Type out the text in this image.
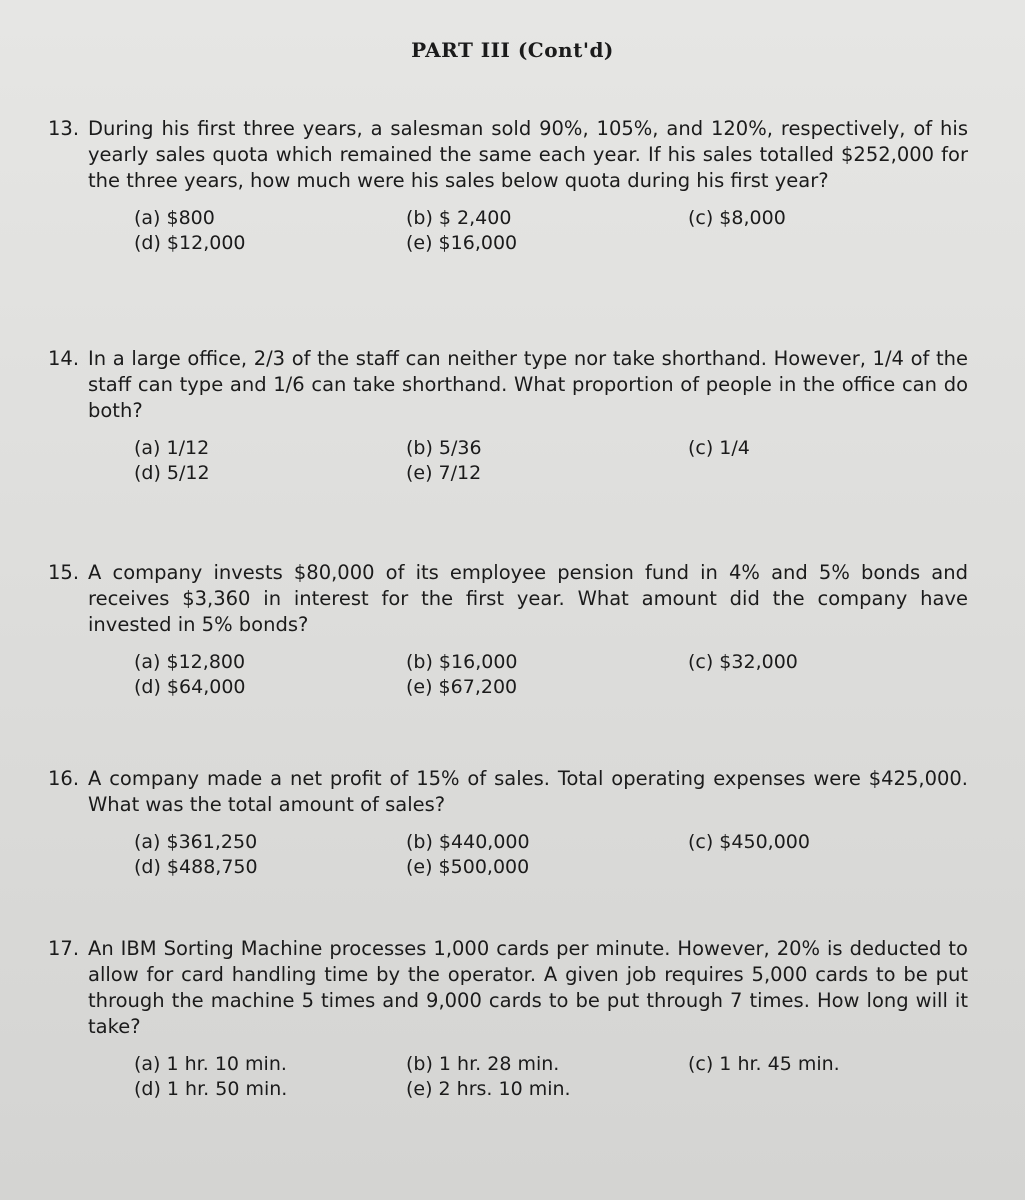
PART III (Cont'd)
13. During his first three years, a salesman sold 90%, 105%, and 120%, respectively, of his yearly sales quota which remained the same each year. If his sales totalled $252,000 for the three years, how much were his sales below quota during his first year?
(a) $800	(b) $ 2,400	(c) $8,000
(d) $12,000	(e) $16,000
14. In a large office, 2/3 of the staff can neither type nor take shorthand. However, 1/4 of the staff can type and 1/6 can take shorthand. What proportion of people in the office can do both?
(a) 1/12	(b) 5/36	(c) 1/4
(d) 5/12	(e) 7/12
15. A company invests $80,000 of its employee pension fund in 4% and 5% bonds and receives $3,360 in interest for the first year. What amount did the company have invested in 5% bonds?
(a) $12,800	(b) $16,000	(c) $32,000
(d) $64,000	(e) $67,200
16. A company made a net profit of 15% of sales. Total operating expenses were $425,000. What was the total amount of sales?
(a) $361,250	(b) $440,000	(c) $450,000
(d) $488,750	(e) $500,000
17. An IBM Sorting Machine processes 1,000 cards per minute. However, 20% is deducted to allow for card handling time by the operator. A given job requires 5,000 cards to be put through the machine 5 times and 9,000 cards to be put through 7 times. How long will it take?
(a) 1 hr. 10 min.	(b) 1 hr. 28 min.	(c) 1 hr. 45 min.
(d) 1 hr. 50 min.	(e) 2 hrs. 10 min.
